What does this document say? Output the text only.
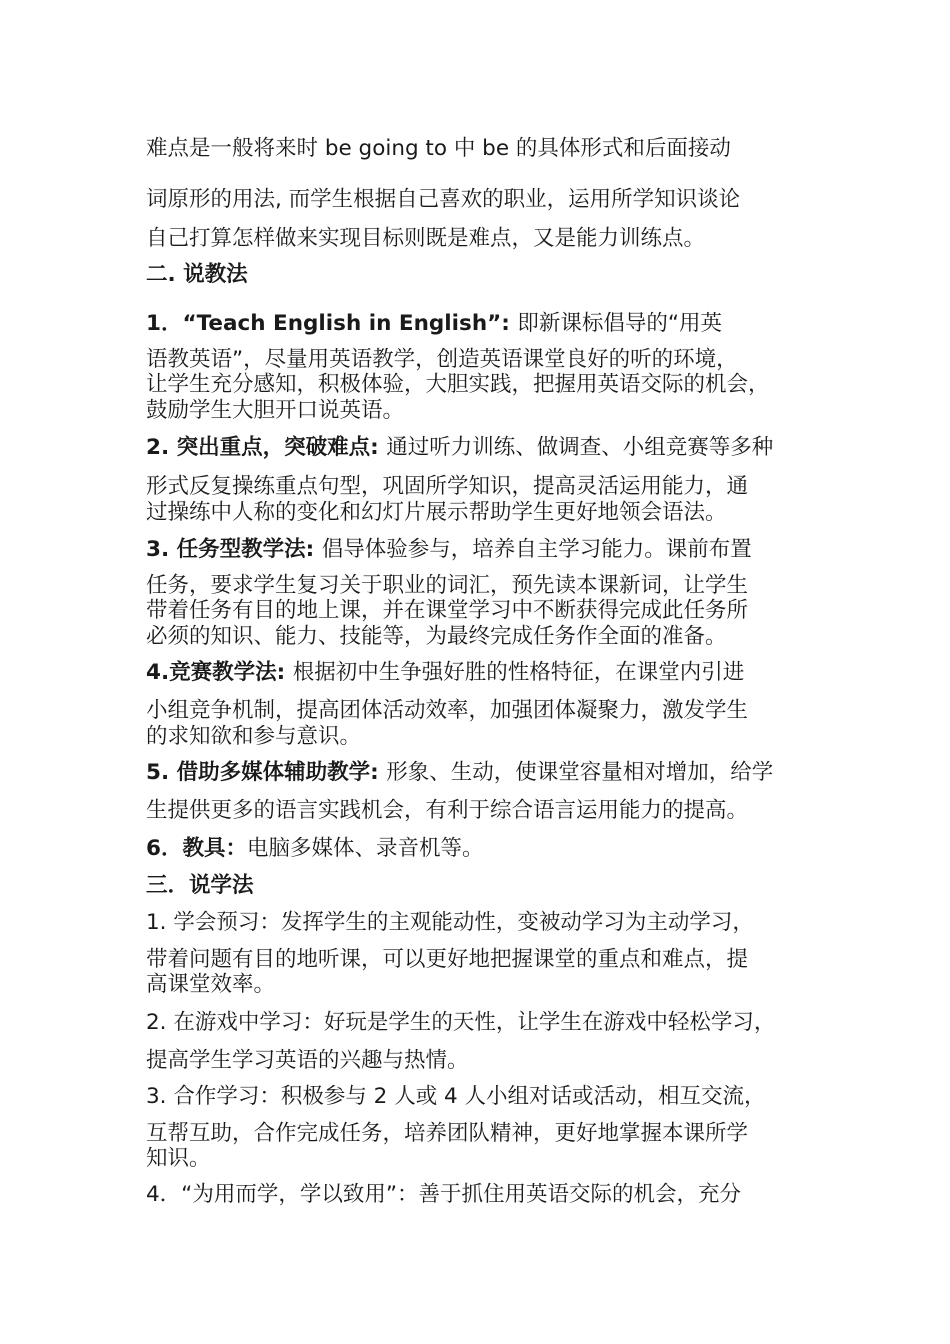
难点是一般将来时 be going to 中 be 的具体形式和后面接动
词原形的用法, 而学生根据自己喜欢的职业，运用所学知识谈论
自己打算怎样做来实现目标则既是难点，又是能力训练点。
二. 说教法
1．“Teach English in English”: 即新课标倡导的“用英
语教英语”，尽量用英语教学，创造英语课堂良好的听的环境，
让学生充分感知，积极体验，大胆实践，把握用英语交际的机会，
鼓励学生大胆开口说英语。
2. 突出重点，突破难点: 通过听力训练、做调查、小组竞赛等多种
形式反复操练重点句型，巩固所学知识，提高灵活运用能力，通
过操练中人称的变化和幻灯片展示帮助学生更好地领会语法。
3. 任务型教学法: 倡导体验参与，培养自主学习能力。课前布置
任务，要求学生复习关于职业的词汇，预先读本课新词，让学生
带着任务有目的地上课，并在课堂学习中不断获得完成此任务所
必须的知识、能力、技能等，为最终完成任务作全面的准备。
4.竞赛教学法: 根据初中生争强好胜的性格特征，在课堂内引进
小组竞争机制，提高团体活动效率，加强团体凝聚力，激发学生
的求知欲和参与意识。
5. 借助多媒体辅助教学: 形象、生动，使课堂容量相对增加，给学
生提供更多的语言实践机会，有利于综合语言运用能力的提高。
6．教具：电脑多媒体、录音机等。
三．说学法
1. 学会预习：发挥学生的主观能动性，变被动学习为主动学习，
带着问题有目的地听课，可以更好地把握课堂的重点和难点，提
高课堂效率。
2. 在游戏中学习：好玩是学生的天性，让学生在游戏中轻松学习，
提高学生学习英语的兴趣与热情。
3. 合作学习：积极参与 2 人或 4 人小组对话或活动，相互交流，
互帮互助，合作完成任务，培养团队精神，更好地掌握本课所学
知识。
4．“为用而学，学以致用”：善于抓住用英语交际的机会，充分
